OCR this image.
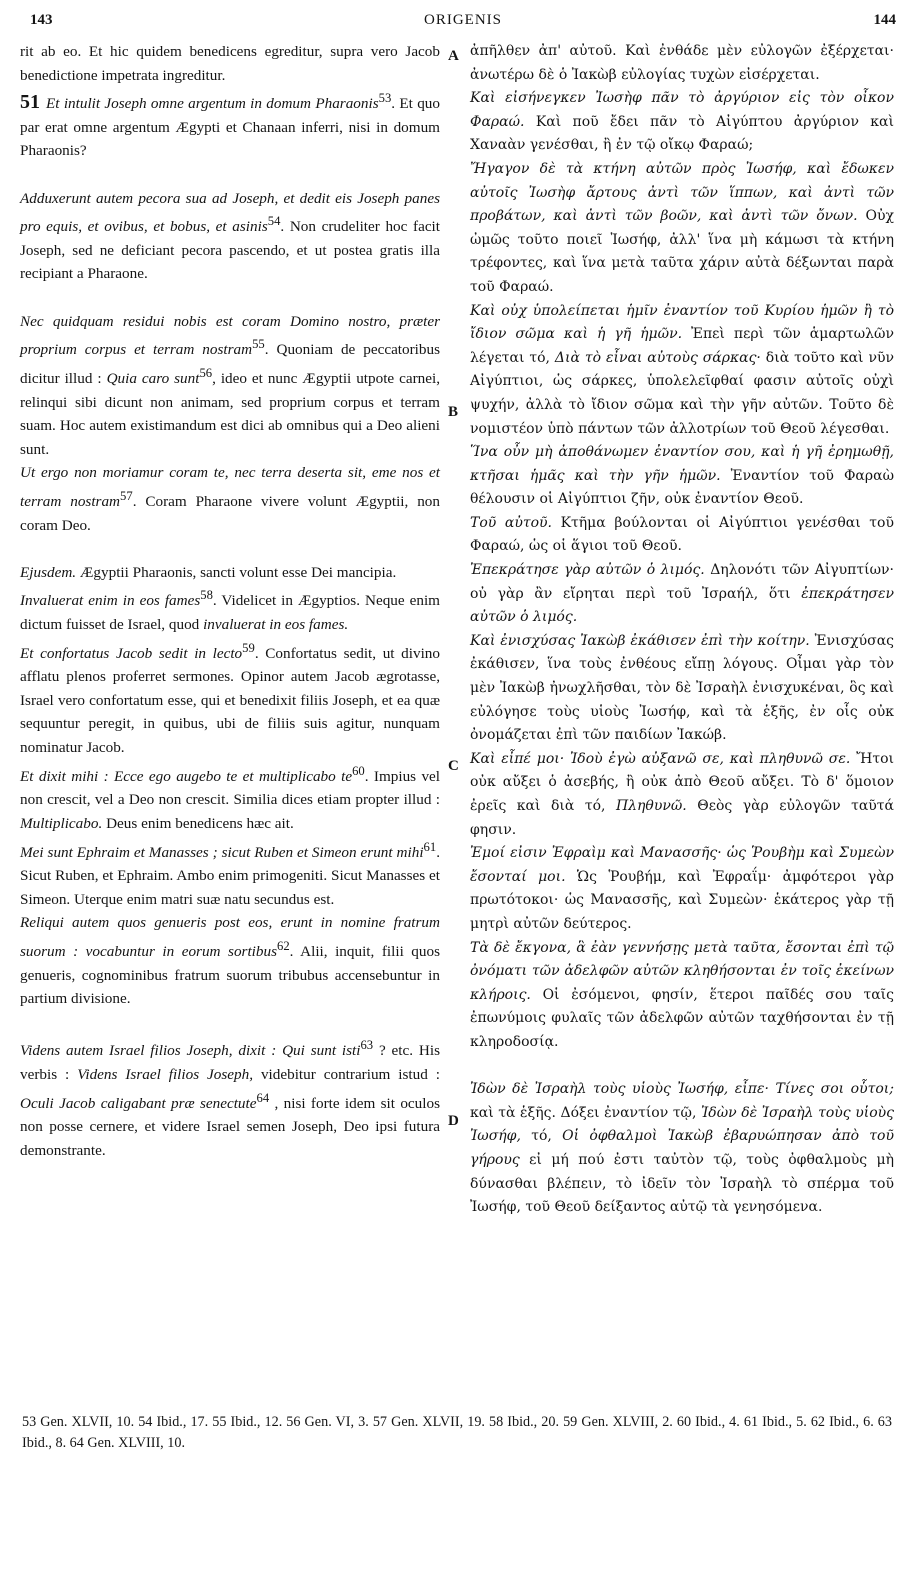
143	ORIGENIS	144
A
B
C
D

rit ab eo. Et hic quidem benedicens egreditur, supra vero Jacob benedictione impetrata ingreditur.

51 Et intulit Joseph omne argentum in domum Pharaonis$^{53}$. Et quo par erat omne argentum Ægypti et Chanaan inferri, nisi in domum Pharaonis?

Adduxerunt autem pecora sua ad Joseph, et dedit eis Joseph panes pro equis, et ovibus, et bobus, et asinis$^{54}$. Non crudeliter hoc facit Joseph, sed ne deficiant pecora pascendo, et ut postea gratis illa recipiant a Pharaone.

Nec quidquam residui nobis est coram Domino nostro, præter proprium corpus et terram nostram$^{55}$. Quoniam de peccatoribus dicitur illud : Quia caro sunt$^{56}$, ideo et nunc Ægyptii utpote carnei, relinqui sibi dicunt non animam, sed proprium corpus et terram suam. Hoc autem existimandum est dici ab omnibus qui a Deo alieni sunt.

Ut ergo non moriamur coram te, nec terra deserta sit, eme nos et terram nostram$^{57}$. Coram Pharaone vivere volunt Ægyptii, non coram Deo.

Ejusdem. Ægyptii Pharaonis, sancti volunt esse Dei mancipia.

Invaluerat enim in eos fames$^{58}$. Videlicet in Ægyptios. Neque enim dictum fuisset de Israel, quod invaluerat in eos fames.

Et confortatus Jacob sedit in lecto$^{59}$. Confortatus sedit, ut divino afflatu plenos proferret sermones. Opinor autem Jacob ægrotasse, Israel vero confortatum esse, qui et benedixit filiis Joseph, et ea quæ sequuntur peregit, in quibus, ubi de filiis suis agitur, nunquam nominatur Jacob.

Et dixit mihi : Ecce ego augebo te et multiplicabo $te^{60}$. Impius vel non crescit, vel a Deo non crescit. Similia dices etiam propter illud : Multiplicabo. Deus enim benedicens hæc ait.

Mei sunt Ephraim et Manasses ; sicut Ruben et Simeon erunt mihi$^{61}$. Sicut Ruben, et Ephraim. Ambo enim primogeniti. Sicut Manasses et Simeon. Uterque enim matri suæ natu secundus est.

Reliqui autem quos genueris post eos, erunt in nomine fratrum suorum : vocabuntur in eorum sortibus$^{62}$. Alii, inquit, filii quos genueris, cognominibus fratrum suorum tribubus accensebuntur in partium divisione.

Videns autem Israel filios Joseph, dixit : Qui sunt isti$^{63}$ ? etc. His verbis : Videns Israel filios Joseph, videbitur contrarium istud : Oculi Jacob caligabant præ senectute$^{64}$ , nisi forte idem sit oculos non posse cernere, et videre Israel semen Joseph, Deo ipsi futura demonstrante.

ἀπῆλθεν ἀπ' αὐτοῦ. Καὶ ἐνθάδε μὲν εὐλογῶν ἐξέρχεται· ἀνωτέρω δὲ ὁ Ἰακὼβ εὐλογίας τυχὼν εἰσέρχεται.

Καὶ εἰσήνεγκεν Ἰωσὴφ πᾶν τὸ ἀργύριον εἰς τὸν οἶκον Φαραώ. Καὶ ποῦ ἔδει πᾶν τὸ Αἰγύπτου ἀργύριον καὶ Χαναὰν γενέσθαι, ἢ ἐν τῷ οἴκῳ Φαραώ;

Ἤγαγον δὲ τὰ κτήνη αὐτῶν πρὸς Ἰωσήφ, καὶ ἔδωκεν αὐτοῖς Ἰωσὴφ ἄρτους ἀντὶ τῶν ἵππων, καὶ ἀντὶ τῶν προβάτων, καὶ ἀντὶ τῶν βοῶν, καὶ ἀντὶ τῶν ὄνων. Οὐχ ὠμῶς τοῦτο ποιεῖ Ἰωσήφ, ἀλλ' ἵνα μὴ κάμωσι τὰ κτήνη τρέφοντες, καὶ ἵνα μετὰ ταῦτα χάριν αὐτὰ δέξωνται παρὰ τοῦ Φαραώ.

Καὶ οὐχ ὑπολείπεται ἡμῖν ἐναντίον τοῦ Κυρίου ἡμῶν ἢ τὸ ἴδιον σῶμα καὶ ἡ γῆ ἡμῶν. Ἐπεὶ περὶ τῶν ἁμαρτωλῶν λέγεται τό, Διὰ τὸ εἶναι αὐτοὺς σάρκας· διὰ τοῦτο καὶ νῦν Αἰγύπτιοι, ὡς σάρκες, ὑπολελεῖφθαί φασιν αὐτοῖς οὐχὶ ψυχήν, ἀλλὰ τὸ ἴδιον σῶμα καὶ τὴν γῆν αὐτῶν. Τοῦτο δὲ νομιστέον ὑπὸ πάντων τῶν ἀλλοτρίων τοῦ Θεοῦ λέγεσθαι.

Ἵνα οὖν μὴ ἀποθάνωμεν ἐναντίον σου, καὶ ἡ γῆ ἐρημωθῇ, κτῆσαι ἡμᾶς καὶ τὴν γῆν ἡμῶν. Ἐναντίον τοῦ Φαραὼ θέλουσιν οἱ Αἰγύπτιοι ζῆν, οὐκ ἐναντίον Θεοῦ.

Τοῦ αὐτοῦ. Κτῆμα βούλονται οἱ Αἰγύπτιοι γενέσθαι τοῦ Φαραώ, ὡς οἱ ἅγιοι τοῦ Θεοῦ.

Ἐπεκράτησε γὰρ αὐτῶν ὁ λιμός. Δηλονότι τῶν Αἰγυπτίων· οὐ γὰρ ἂν εἴρηται περὶ τοῦ Ἰσραήλ, ὅτι ἐπεκράτησεν αὐτῶν ὁ λιμός.

Καὶ ἐνισχύσας Ἰακὼβ ἐκάθισεν ἐπὶ τὴν κοίτην. Ἐνισχύσας ἐκάθισεν, ἵνα τοὺς ἐνθέους εἴπῃ λόγους. Οἶμαι γὰρ τὸν μὲν Ἰακὼβ ἠνωχλῆσθαι, τὸν δὲ Ἰσραὴλ ἐνισχυκέναι, ὃς καὶ εὐλόγησε τοὺς υἱοὺς Ἰωσήφ, καὶ τὰ ἑξῆς, ἐν οἷς οὐκ ὀνομάζεται ἐπὶ τῶν παιδίων Ἰακώβ.

Καὶ εἶπέ μοι· Ἰδοὺ ἐγὼ αὐξανῶ σε, καὶ πληθυνῶ σε. Ἤτοι οὐκ αὔξει ὁ ἀσεβής, ἢ οὐκ ἀπὸ Θεοῦ αὔξει. Τὸ δ' ὅμοιον ἐρεῖς καὶ διὰ τό, Πληθυνῶ. Θεὸς γὰρ εὐλογῶν ταῦτά φησιν.

Ἐμοί εἰσιν Ἐφραὶμ καὶ Μανασσῆς· ὡς Ῥουβὴμ καὶ Συμεὼν ἔσονταί μοι. Ὡς Ῥουβήμ, καὶ Ἐφραΐμ· ἀμφότεροι γὰρ πρωτότοκοι· ὡς Μανασσῆς, καὶ Συμεὼν· ἑκάτερος γὰρ τῇ μητρὶ αὐτῶν δεύτερος.

Τὰ δὲ ἔκγονα, ἃ ἐὰν γεννήσῃς μετὰ ταῦτα, ἔσονται ἐπὶ τῷ ὀνόματι τῶν ἀδελφῶν αὐτῶν κληθήσονται ἐν τοῖς ἐκείνων κλήροις. Οἱ ἐσόμενοι, φησίν, ἕτεροι παῖδές σου ταῖς ἐπωνύμοις φυλαῖς τῶν ἀδελφῶν αὐτῶν ταχθήσονται ἐν τῇ κληροδοσίᾳ.

Ἰδὼν δὲ Ἰσραὴλ τοὺς υἱοὺς Ἰωσήφ, εἶπε· Τίνες σοι οὗτοι; καὶ τὰ ἑξῆς. Δόξει ἐναντίον τῷ, Ἰδὼν δὲ Ἰσραὴλ τοὺς υἱοὺς Ἰωσήφ, τό, Οἱ ὀφθαλμοὶ Ἰακὼβ ἐβαρυώπησαν ἀπὸ τοῦ γήρους εἰ μή πού ἐστι ταὐτὸν τῷ, τοὺς ὀφθαλμοὺς μὴ δύνασθαι βλέπειν, τὸ ἰδεῖν τὸν Ἰσραὴλ τὸ σπέρμα τοῦ Ἰωσήφ, τοῦ Θεοῦ δείξαντος αὐτῷ τὰ γενησόμενα.

53 Gen. XLVII, 10. 54 Ibid., 17. 55 Ibid., 12. 56 Gen. VI, 3. 57 Gen. XLVII, 19. 58 Ibid., 20. 59 Gen. XLVIII, 2. 60 Ibid., 4. 61 Ibid., 5. 62 Ibid., 6. 63 Ibid., 8. 64 Gen. XLVIII, 10.
